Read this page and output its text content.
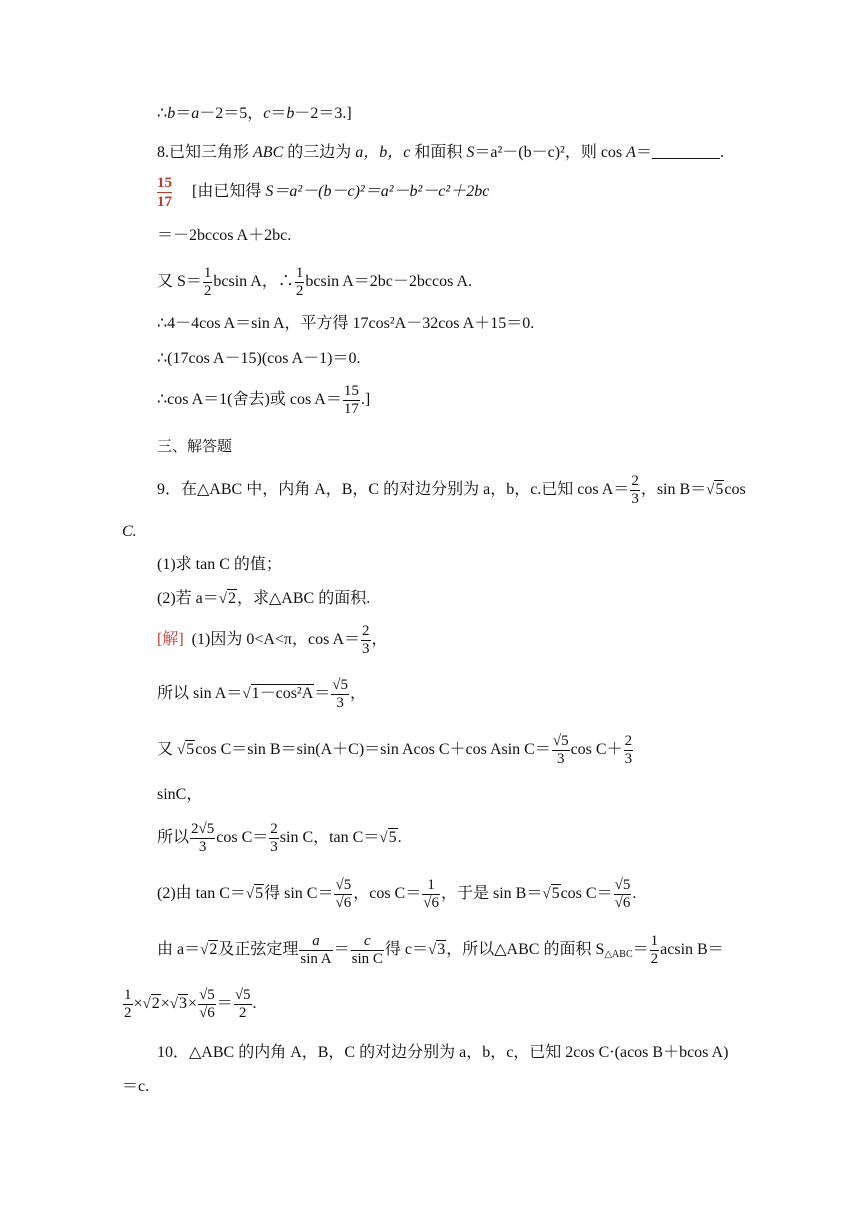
∴b＝a－2＝5，c＝b－2＝3.]
8.已知三角形 ABC 的三边为 a，b，c 和面积 S＝a²－(b－c)²，则 cos A＝	.
$\frac{15}{17}$ [由已知得 S＝a²－(b－c)²＝a²－b²－c²＋2bc
＝－2bccos A＋2bc.
又 $S= \frac{1}{2}$ bcsin A，∴ $\frac{1}{2}$ bcsin A＝2bc－2bccos A.
∴4－4cos A＝sin A，平方得 17cos²A－32cos A＋15＝0.
∴(17cos A－15)(cos A－1)＝0.
∴cos A＝1(舍去)或 $\cos A= \frac{15}{17}$ .]
三、解答题
9．在△ABC 中，内角 A，B，C 的对边分别为 a，b，c.已知 $\cos A= \frac{2}{3}$ ，sin B＝√5cos
C.
(1)求 tan C 的值；
(2)若 a＝√2，求△ABC 的面积.
[解] (1)因为 0<A<π，$\cos A= \frac{2}{3}$ ，
所以 $\sin A=√1-\cos^2A= \frac{√5}{3}$ ，
又 √5cos C＝sin B＝sin(A＋C)＝sin Acos C＋cos Asin $C= \frac{√5}{3}$ $\cos C+ \frac{2}{3}$
sinC，
所以 $\frac{2√5}{3}$ $\cos C= \frac{2}{3}$ sin C，tan C＝√5.
(2)由 tan C＝√5得 $\sin C= \frac{√5}{√6}$ ，$\cos C= \frac{1}{√6}$ ，于是 sin B＝√5cos $C= \frac{√5}{√6}$ .
由 a＝√2及正弦定理 $\frac{a}{\text{sin A}} = \frac{c}{\text{sin C}}$ 得 c＝√3，所以△ABC 的面积 $S_{\triangle ABC}= \frac{1}{2}$ acsin B＝
$\frac{1}{2} \times√2\times√3\times \frac{√5}{√6} = \frac{√5}{2}$ .
10．△ABC 的内角 A，B，C 的对边分别为 a，b，c，已知 2cos C·(acos B＋bcos A)
＝c.
